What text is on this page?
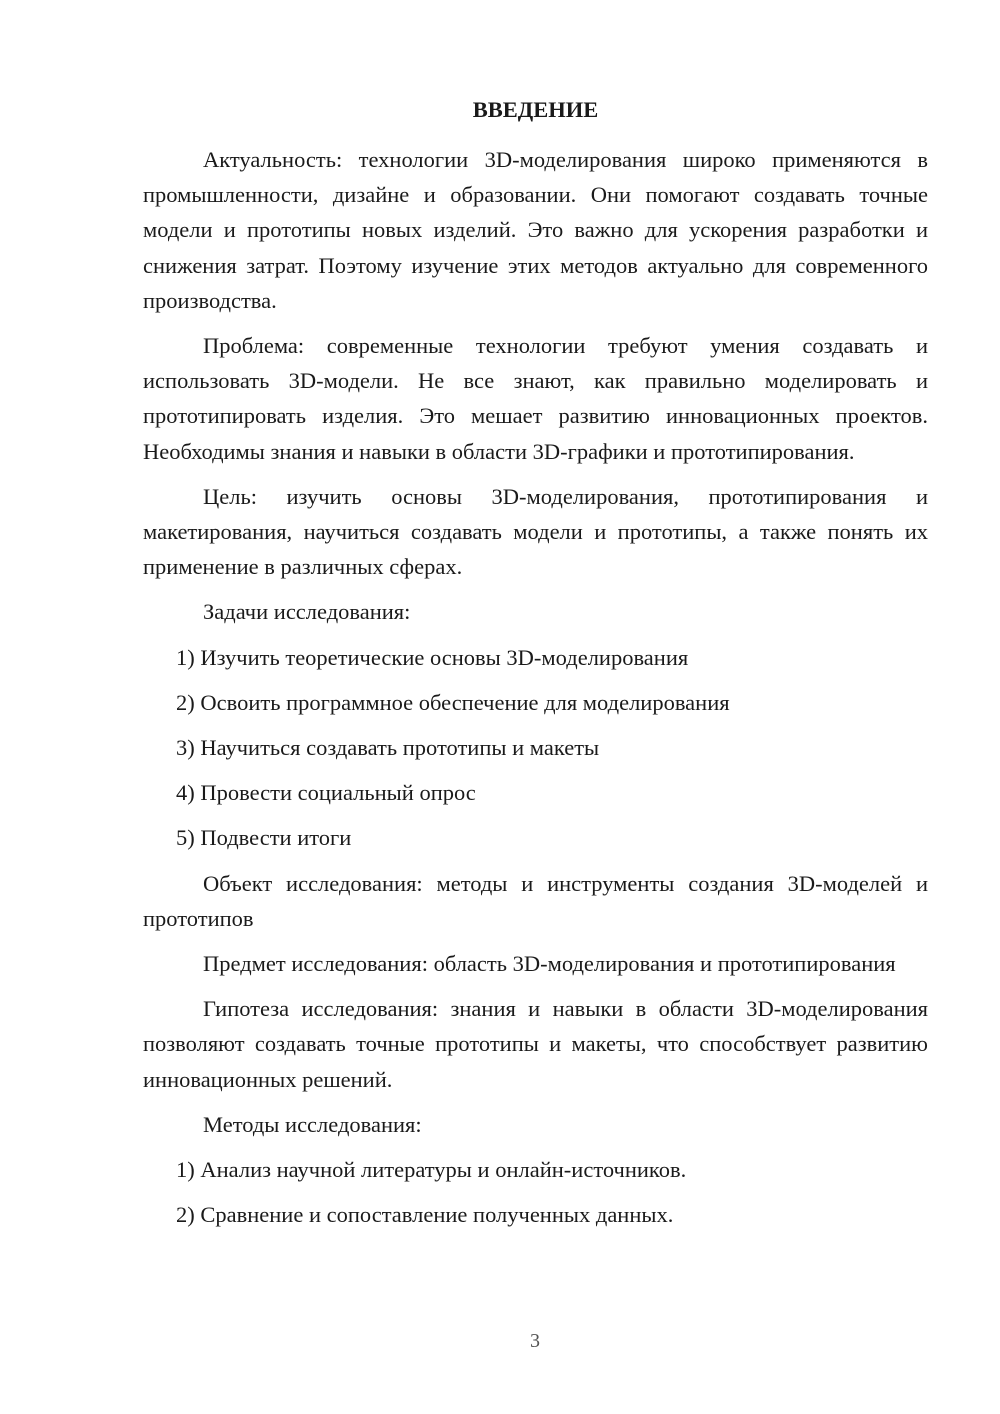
ВВЕДЕНИЕ

Актуальность: технологии 3D-моделирования широко применяются в промышленности, дизайне и образовании. Они помогают создавать точные модели и прототипы новых изделий. Это важно для ускорения разработки и снижения затрат. Поэтому изучение этих методов актуально для современного производства.

Проблема: современные технологии требуют умения создавать и использовать 3D-модели. Не все знают, как правильно моделировать и прототипировать изделия. Это мешает развитию инновационных проектов. Необходимы знания и навыки в области 3D-графики и прототипирования.

Цель: изучить основы 3D-моделирования, прототипирования и макетирования, научиться создавать модели и прототипы, а также понять их применение в различных сферах.

Задачи исследования:
1) Изучить теоретические основы 3D-моделирования
2) Освоить программное обеспечение для моделирования
3) Научиться создавать прототипы и макеты
4) Провести социальный опрос
5) Подвести итоги

Объект исследования: методы и инструменты создания 3D-моделей и прототипов

Предмет исследования: область 3D-моделирования и прототипирования

Гипотеза исследования: знания и навыки в области 3D-моделирования позволяют создавать точные прототипы и макеты, что способствует развитию инновационных решений.

Методы исследования:
1) Анализ научной литературы и онлайн-источников.
2) Сравнение и сопоставление полученных данных.
3
